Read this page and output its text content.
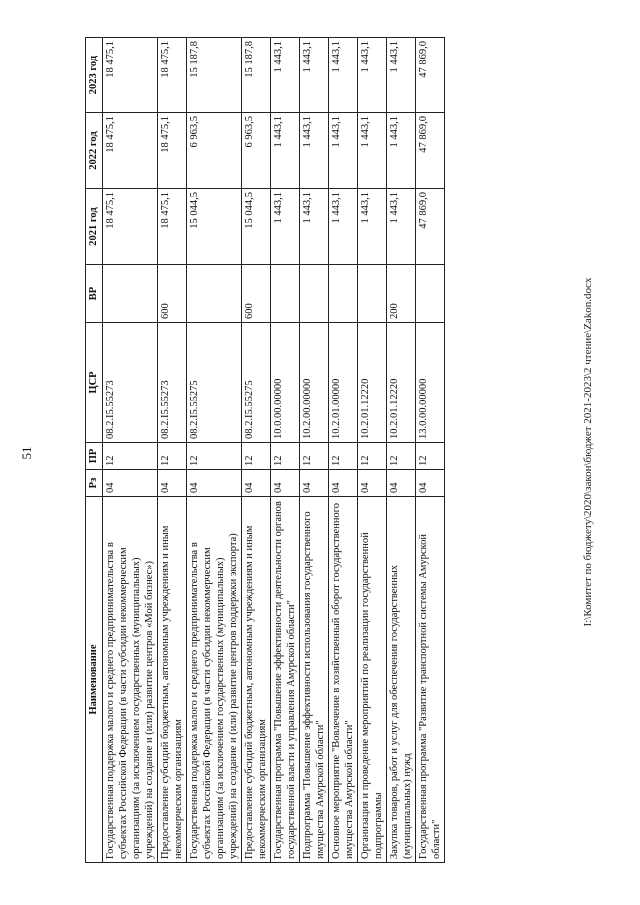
51
Наименование	Рз	ПР	ЦСР	ВР	2021 год	2022 год	2023 год
Государственная поддержка малого и среднего предпринимательства в субъектах Российской Федерации (в части субсидии некоммерческим организациям (за исключением государственных (муниципальных) учреждений) на создание и (или) развитие центров «Мой бизнес»)	04	12	08.2.I5.55273		18 475,1	18 475,1	18 475,1
Предоставление субсидий бюджетным, автономным учреждениям и иным некоммерческим организациям	04	12	08.2.I5.55273	600	18 475,1	18 475,1	18 475,1
Государственная поддержка малого и среднего предпринимательства в субъектах Российской Федерации (в части субсидии некоммерческим организациям (за исключением государственных (муниципальных) учреждений) на создание и (или) развитие центров поддержки экспорта)	04	12	08.2.I5.55275		15 044,5	6 963,5	15 187,8
Предоставление субсидий бюджетным, автономным учреждениям и иным некоммерческим организациям	04	12	08.2.I5.55275	600	15 044,5	6 963,5	15 187,8
Государственная программа "Повышение эффективности деятельности органов государственной власти и управления Амурской области"	04	12	10.0.00.00000		1 443,1	1 443,1	1 443,1
Подпрограмма "Повышение эффективности использования государственного имущества Амурской области"	04	12	10.2.00.00000		1 443,1	1 443,1	1 443,1
Основное мероприятие "Вовлечение в хозяйственный оборот государственного имущества Амурской области"	04	12	10.2.01.00000		1 443,1	1 443,1	1 443,1
Организация и проведение мероприятий по реализации государственной подпрограммы	04	12	10.2.01.12220		1 443,1	1 443,1	1 443,1
Закупка товаров, работ и услуг для обеспечения государственных (муниципальных) нужд	04	12	10.2.01.12220	200	1 443,1	1 443,1	1 443,1
Государственная программа "Развитие транспортной системы Амурской области"	04	12	13.0.00.00000		47 869,0	47 869,0	47 869,0
I:\Комитет по бюджету\2020\закон\бюджет 2021-2023\2 чтение\Zakon.docx
